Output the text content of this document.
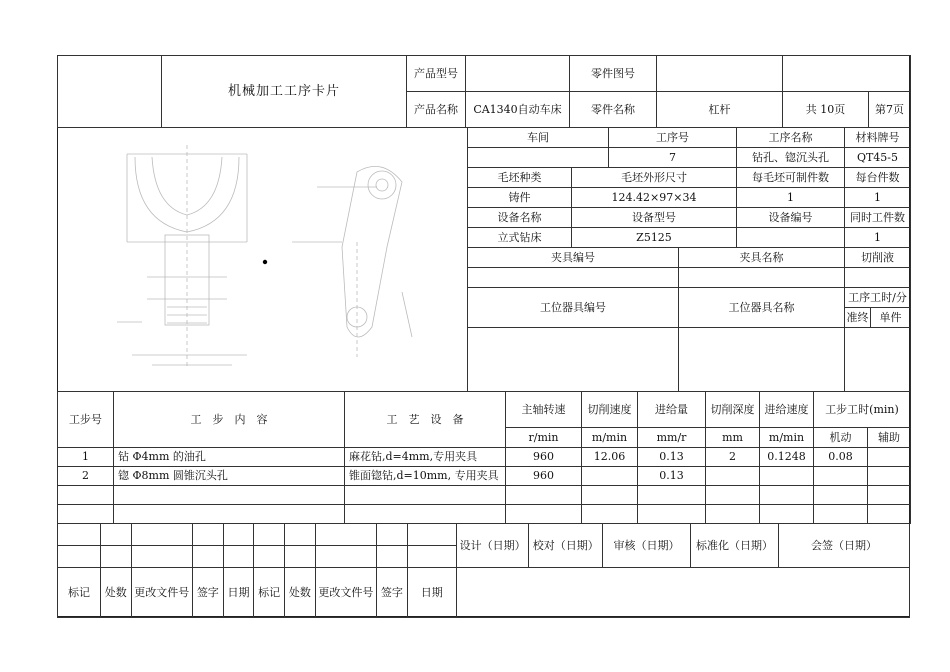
	机械加工工序卡片	产品型号		零件图号			
		产品名称	CA1340自动车床	零件名称	杠杆	共 10页	第7页
车间		工序号		工序名称	材料牌号	
		7		钻孔、锪沉头孔	QT45-5	
毛坯种类	毛坯外形尺寸			每毛坯可制件数	每台件数	
铸件	124.42×97×34			1	1	
设备名称	设备型号			设备编号	同时工件数	
立式钻床	Z5125				1	
夹具编号			夹具名称		切削液	

工位器具编号			工位器具名称		工序工时/分	
					准终	单件

工步号	工　步　内　容	工　艺　设　备	主轴转速	切削速度	进给量	切削深度	进给速度	工步工时(min)	
			r/min	m/min	mm/r	mm	m/min	机动	辅助
1	钻 Φ4mm 的油孔	麻花钻,d=4mm,专用夹具	960	12.06	0.13	2	0.1248	0.08	
2	锪 Φ8mm 圆锥沉头孔	锥面锪钻,d=10mm, 专用夹具	960		0.13				

										设计（日期）	校对（日期）	审核（日期）	标准化（日期）	会签（日期）

标记	处数	更改文件号	签字	日期	标记	处数	更改文件号	签字	日期					
